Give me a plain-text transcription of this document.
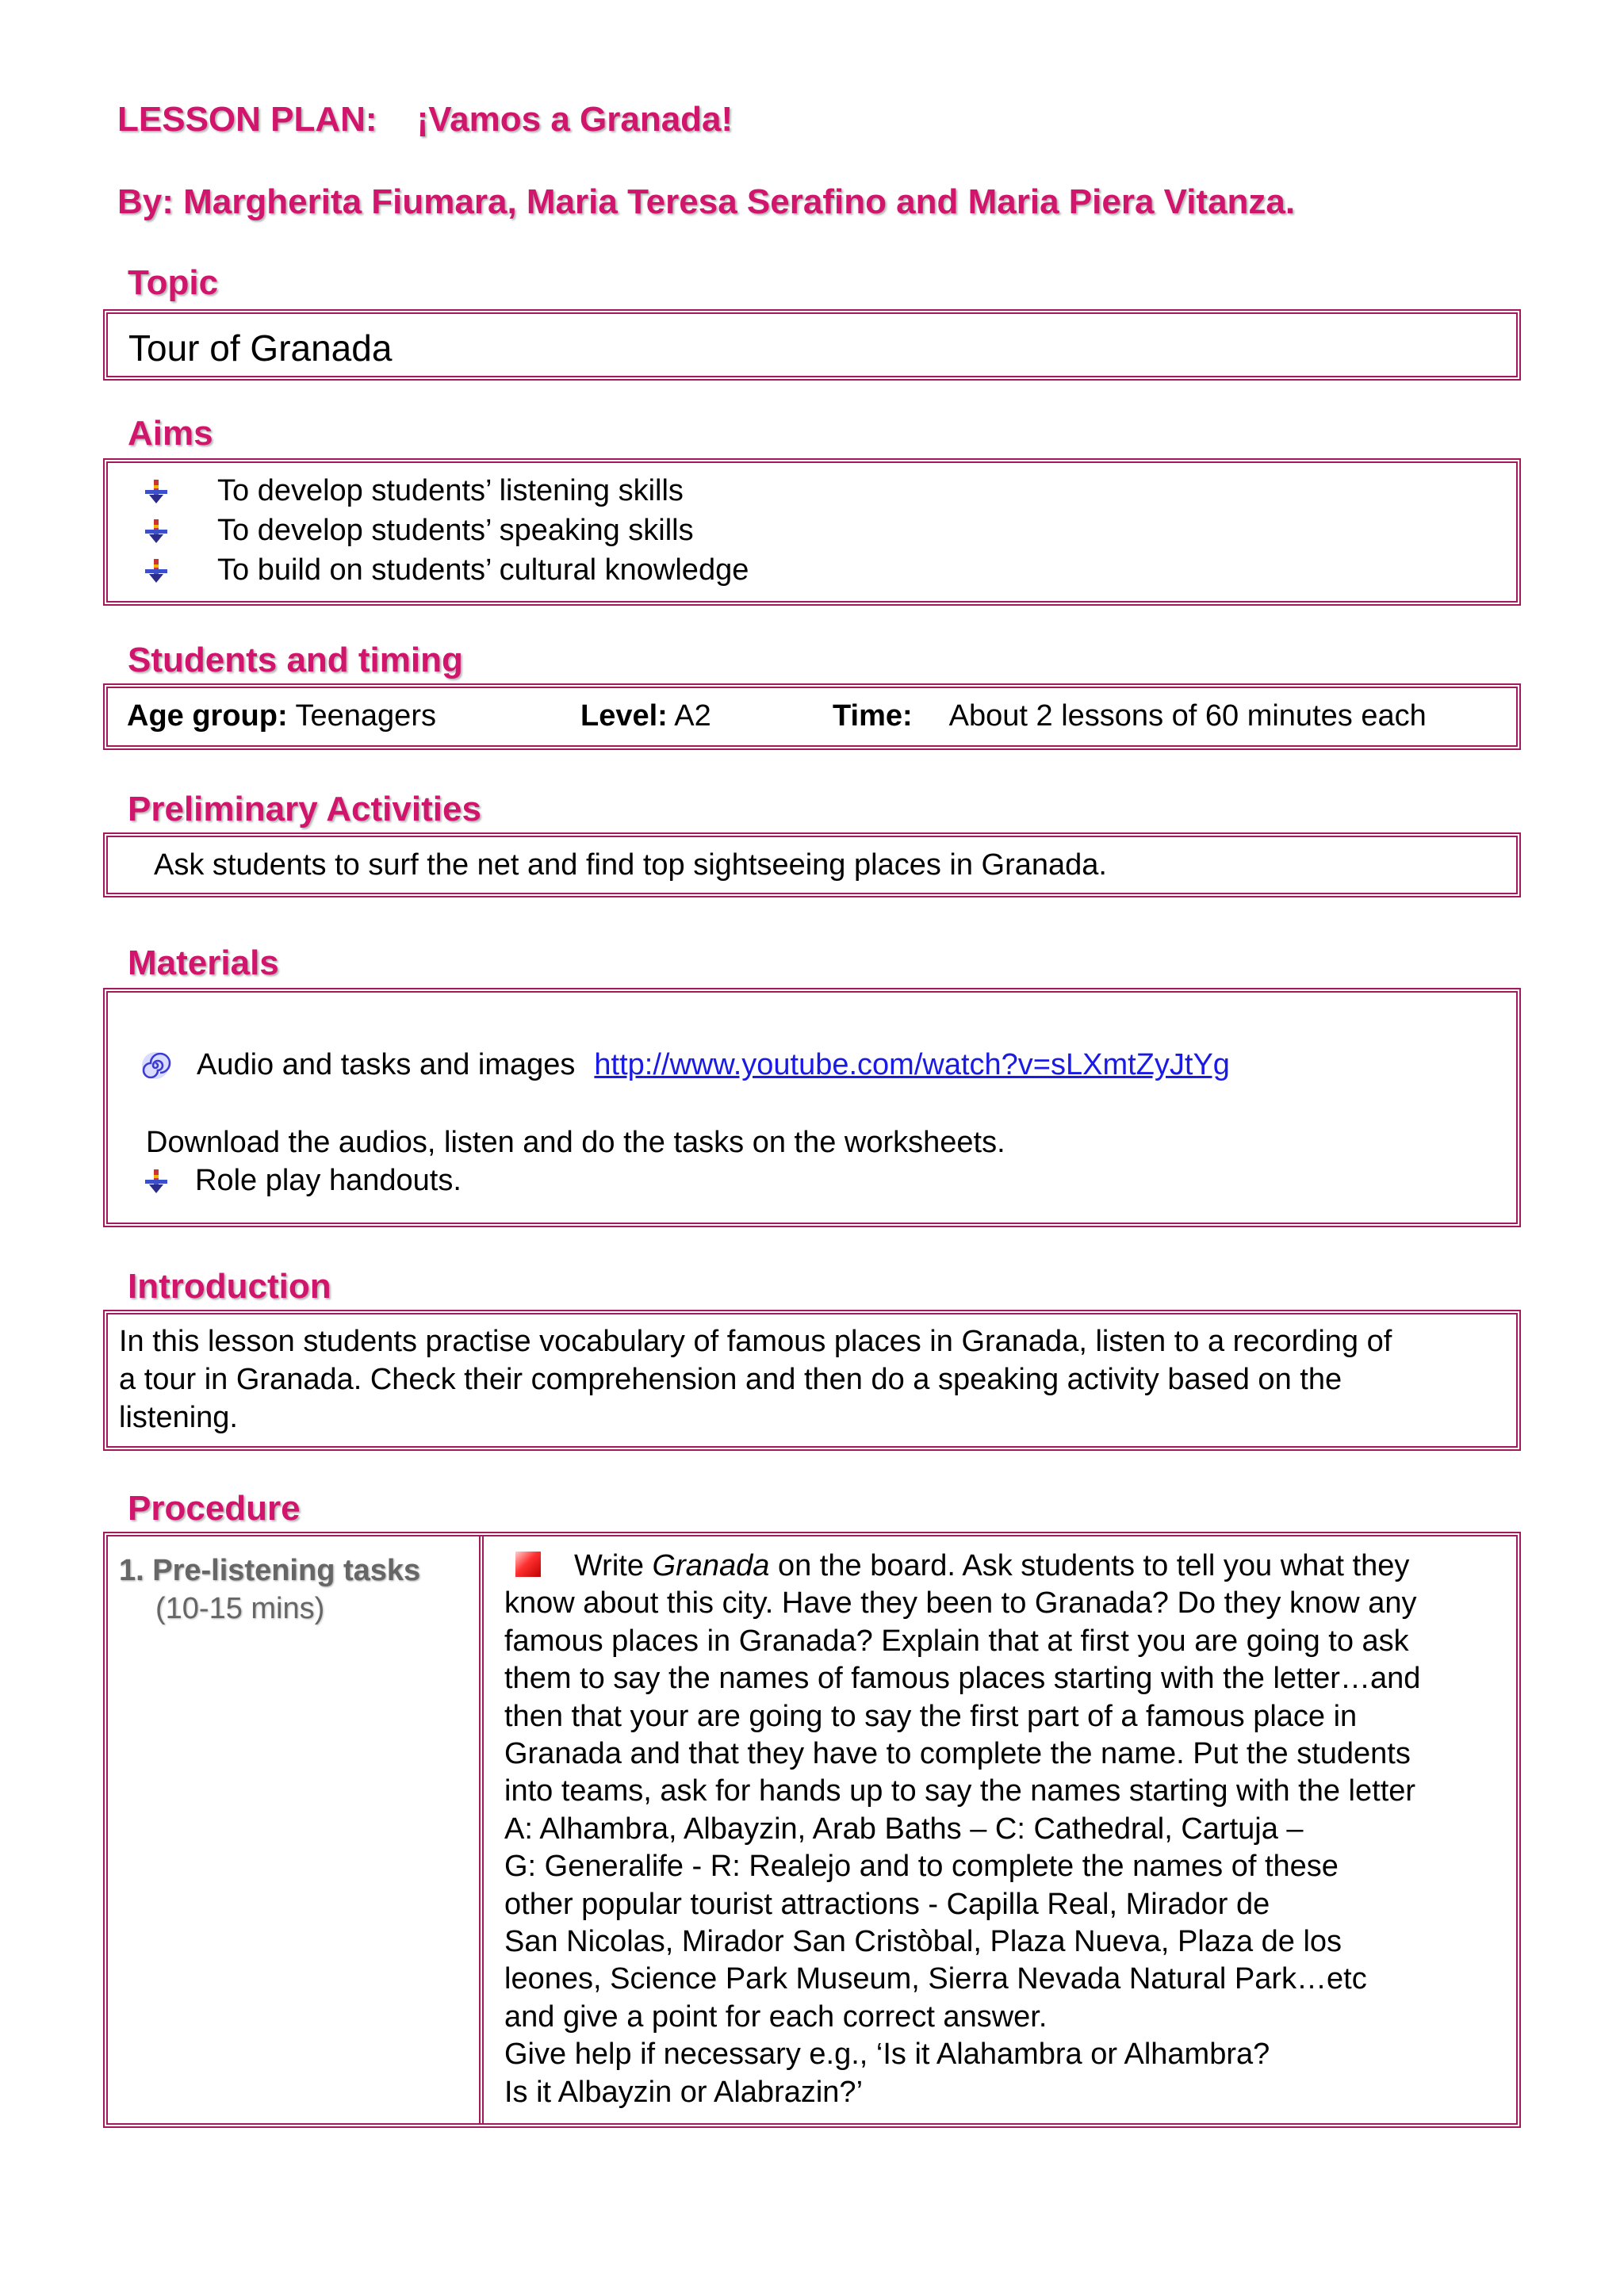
LESSON PLAN: ¡Vamos a Granada!
By: Margherita Fiumara, Maria Teresa Serafino and Maria Piera Vitanza.
Topic
Tour of Granada
Aims
To develop students’ listening skills
To develop students’ speaking skills
To build on students’ cultural knowledge
Students and timing
Age group: Teenagers	Level: A2	Time: About 2 lessons of 60 minutes each
Preliminary Activities
Ask students to surf the net and find top sightseeing places in Granada.
Materials
Audio and tasks and images http://www.youtube.com/watch?v=sLXmtZyJtYg
Download the audios, listen and do the tasks on the worksheets.
Role play handouts.
Introduction
In this lesson students practise vocabulary of famous places in Granada, listen to a recording of
a tour in Granada. Check their comprehension and then do a speaking activity based on the
listening.
Procedure
1. Pre-listening tasks
(10-15 mins)
Write Granada on the board. Ask students to tell you what they
know about this city. Have they been to Granada? Do they know any
famous places in Granada? Explain that at first you are going to ask
them to say the names of famous places starting with the letter…and
then that your are going to say the first part of a famous place in
Granada and that they have to complete the name. Put the students
into teams, ask for hands up to say the names starting with the letter
A: Alhambra, Albayzin, Arab Baths – C: Cathedral, Cartuja –
G: Generalife - R: Realejo and to complete the names of these
other popular tourist attractions - Capilla Real, Mirador de
San Nicolas, Mirador San Cristòbal, Plaza Nueva, Plaza de los
leones, Science Park Museum, Sierra Nevada Natural Park…etc
and give a point for each correct answer.
Give help if necessary e.g., ‘Is it Alahambra or Alhambra?
Is it Albayzin or Alabrazin?’
